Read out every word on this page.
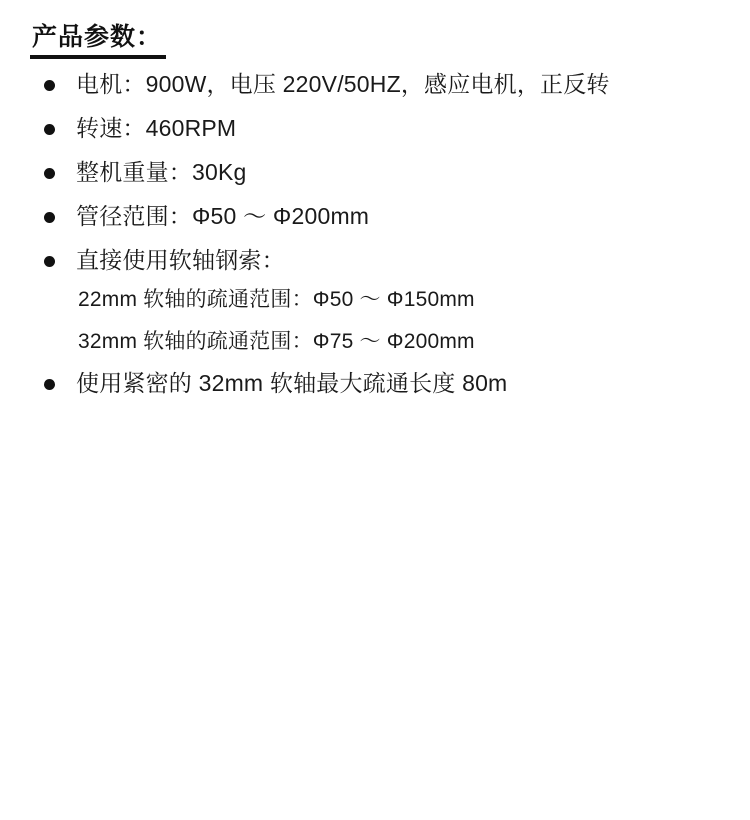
产品参数：
电机：900W，电压 220V/50HZ，感应电机，正反转
转速：460RPM
整机重量：30Kg
管径范围：Φ50 ～ Φ200mm
直接使用软轴钢索：
22mm 软轴的疏通范围：Φ50 ～ Φ150mm
32mm 软轴的疏通范围：Φ75 ～ Φ200mm
使用紧密的 32mm 软轴最大疏通长度 80m
